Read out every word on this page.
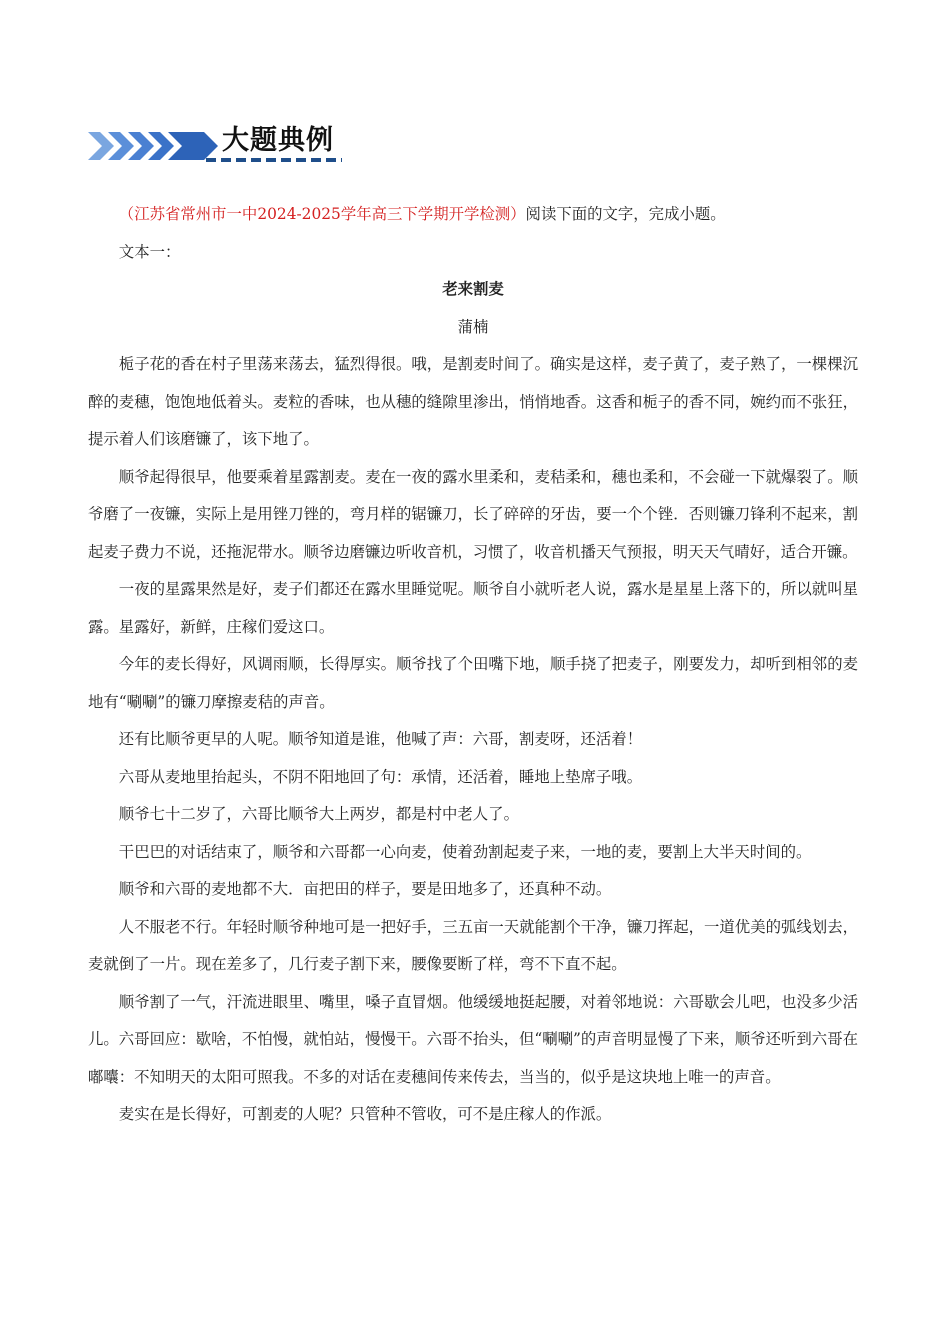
大题典例

（江苏省常州市一中2024-2025学年高三下学期开学检测）阅读下面的文字，完成小题。

文本一：

老来割麦

蒲楠

栀子花的香在村子里荡来荡去，猛烈得很。哦，是割麦时间了。确实是这样，麦子黄了，麦子熟了，一棵棵沉醉的麦穗，饱饱地低着头。麦粒的香味，也从穗的缝隙里渗出，悄悄地香。这香和栀子的香不同，婉约而不张狂，提示着人们该磨镰了，该下地了。

顺爷起得很早，他要乘着星露割麦。麦在一夜的露水里柔和，麦秸柔和，穗也柔和，不会碰一下就爆裂了。顺爷磨了一夜镰，实际上是用锉刀锉的，弯月样的锯镰刀，长了碎碎的牙齿，要一个个锉．否则镰刀锋利不起来，割起麦子费力不说，还拖泥带水。顺爷边磨镰边听收音机，习惯了，收音机播天气预报，明天天气晴好，适合开镰。

一夜的星露果然是好，麦子们都还在露水里睡觉呢。顺爷自小就听老人说，露水是星星上落下的，所以就叫星露。星露好，新鲜，庄稼们爱这口。

今年的麦长得好，风调雨顺，长得厚实。顺爷找了个田嘴下地，顺手挠了把麦子，刚要发力，却听到相邻的麦地有“唰唰”的镰刀摩擦麦秸的声音。

还有比顺爷更早的人呢。顺爷知道是谁，他喊了声：六哥，割麦呀，还活着！

六哥从麦地里抬起头，不阴不阳地回了句：承情，还活着，睡地上垫席子哦。

顺爷七十二岁了，六哥比顺爷大上两岁，都是村中老人了。

干巴巴的对话结束了，顺爷和六哥都一心向麦，使着劲割起麦子来，一地的麦，要割上大半天时间的。

顺爷和六哥的麦地都不大．亩把田的样子，要是田地多了，还真种不动。

人不服老不行。年轻时顺爷种地可是一把好手，三五亩一天就能割个干净，镰刀挥起，一道优美的弧线划去，麦就倒了一片。现在差多了，几行麦子割下来，腰像要断了样，弯不下直不起。

顺爷割了一气，汗流进眼里、嘴里，嗓子直冒烟。他缓缓地挺起腰，对着邻地说：六哥歇会儿吧，也没多少活儿。六哥回应：歇啥，不怕慢，就怕站，慢慢干。六哥不抬头，但“唰唰”的声音明显慢了下来，顺爷还听到六哥在嘟囔：不知明天的太阳可照我。不多的对话在麦穗间传来传去，当当的，似乎是这块地上唯一的声音。

麦实在是长得好，可割麦的人呢？只管种不管收，可不是庄稼人的作派。
